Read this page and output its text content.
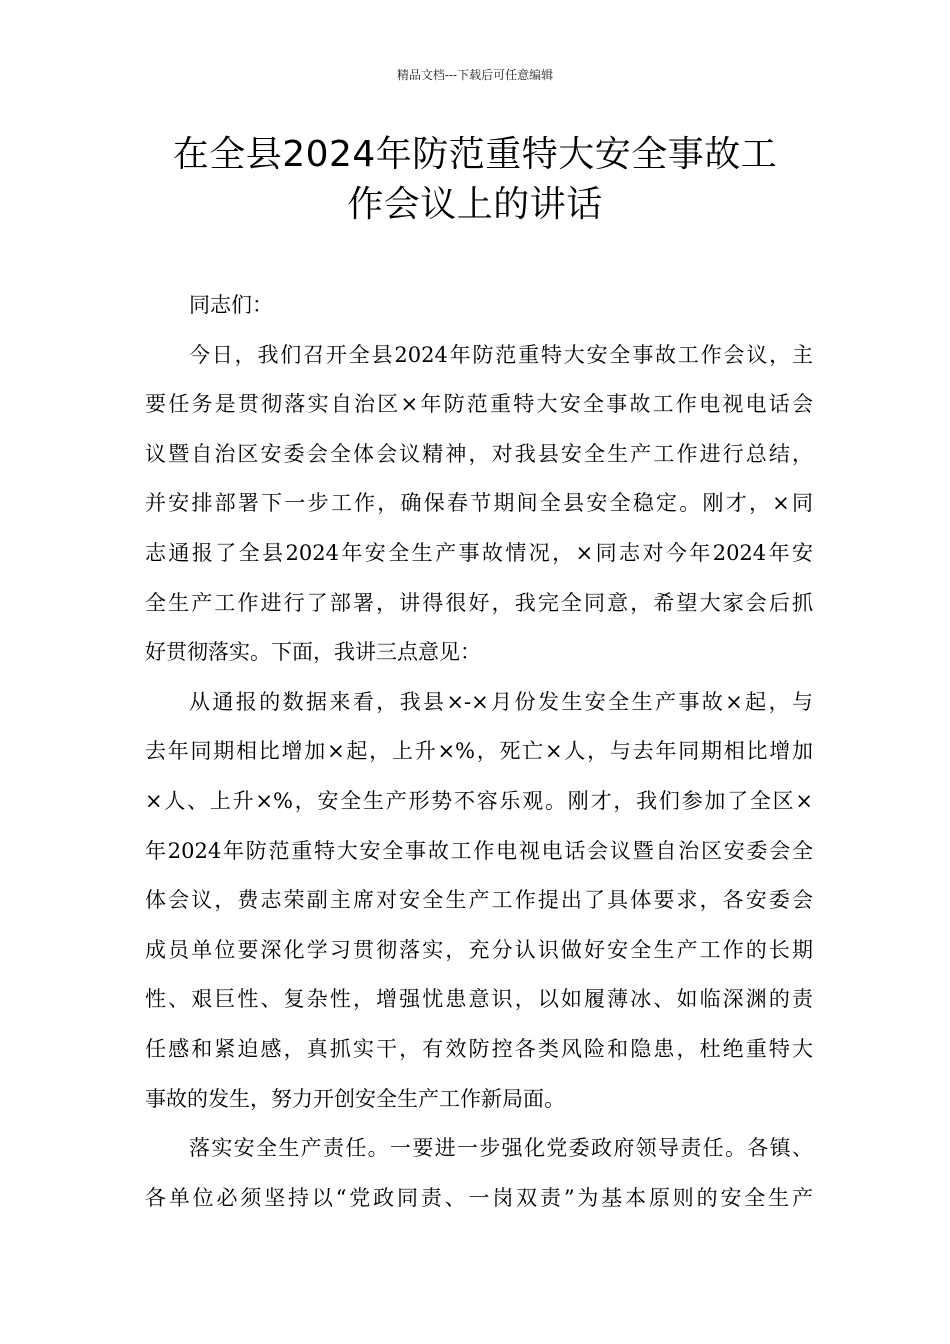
精品文档---下载后可任意编辑
在全县2024年防范重特大安全事故工
作会议上的讲话
同志们：
今日，我们召开全县2024年防范重特大安全事故工作会议，主
要任务是贯彻落实自治区×年防范重特大安全事故工作电视电话会
议暨自治区安委会全体会议精神，对我县安全生产工作进行总结，
并安排部署下一步工作，确保春节期间全县安全稳定。刚才，×同
志通报了全县2024年安全生产事故情况，×同志对今年2024年安
全生产工作进行了部署，讲得很好，我完全同意，希望大家会后抓
好贯彻落实。下面，我讲三点意见：
从通报的数据来看，我县×-×月份发生安全生产事故×起，与
去年同期相比增加×起，上升×%，死亡×人，与去年同期相比增加
×人、上升×%，安全生产形势不容乐观。刚才，我们参加了全区×
年2024年防范重特大安全事故工作电视电话会议暨自治区安委会全
体会议，费志荣副主席对安全生产工作提出了具体要求，各安委会
成员单位要深化学习贯彻落实，充分认识做好安全生产工作的长期
性、艰巨性、复杂性，增强忧患意识，以如履薄冰、如临深渊的责
任感和紧迫感，真抓实干，有效防控各类风险和隐患，杜绝重特大
事故的发生，努力开创安全生产工作新局面。
落实安全生产责任。一要进一步强化党委政府领导责任。各镇、
各单位必须坚持以“党政同责、一岗双责”为基本原则的安全生产
